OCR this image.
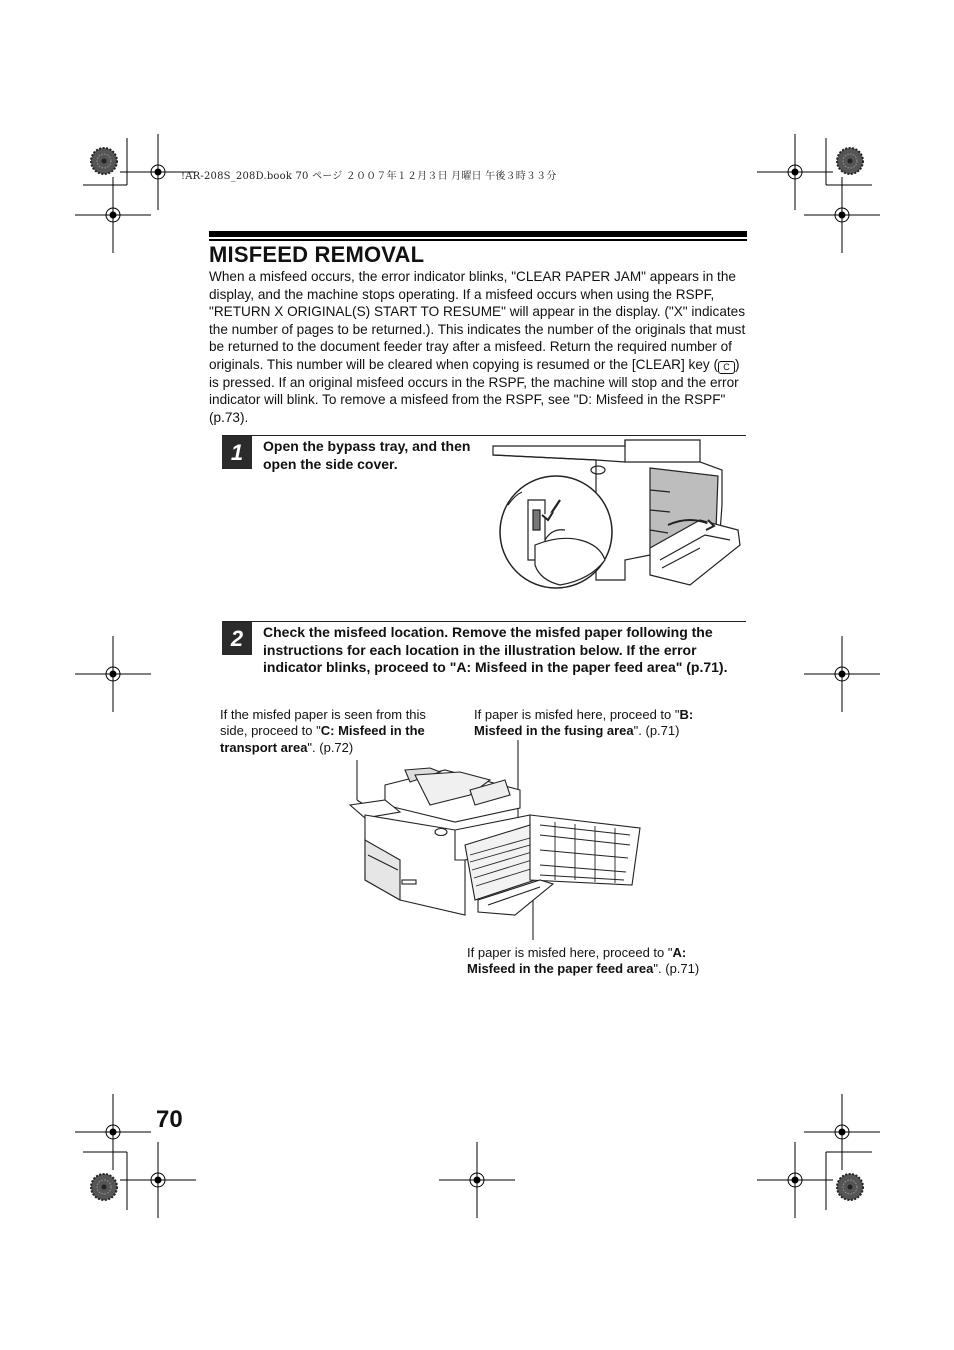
!AR-208S_208D.book 70 ページ ２００７年１２月３日 月曜日 午後３時３３分
MISFEED REMOVAL

When a misfeed occurs, the error indicator blinks, "CLEAR PAPER JAM" appears in the display, and the machine stops operating. If a misfeed occurs when using the RSPF, "RETURN X ORIGINAL(S) START TO RESUME" will appear in the display. ("X" indicates the number of pages to be returned.). This indicates the number of the originals that must be returned to the document feeder tray after a misfeed. Return the required number of originals. This number will be cleared when copying is resumed or the [CLEAR] key ( C ) is pressed. If an original misfeed occurs in the RSPF, the machine will stop and the error indicator will blink. To remove a misfeed from the RSPF, see "D: Misfeed in the RSPF" (p.73).

1	Open the bypass tray, and then open the side cover.

2	Check the misfeed location. Remove the misfed paper following the instructions for each location in the illustration below. If the error indicator blinks, proceed to "A: Misfeed in the paper feed area" (p.71).

If the misfed paper is seen from this side, proceed to "C: Misfeed in the transport area". (p.72)

If paper is misfed here, proceed to "B: Misfeed in the fusing area". (p.71)

If paper is misfed here, proceed to "A: Misfeed in the paper feed area". (p.71)

70
